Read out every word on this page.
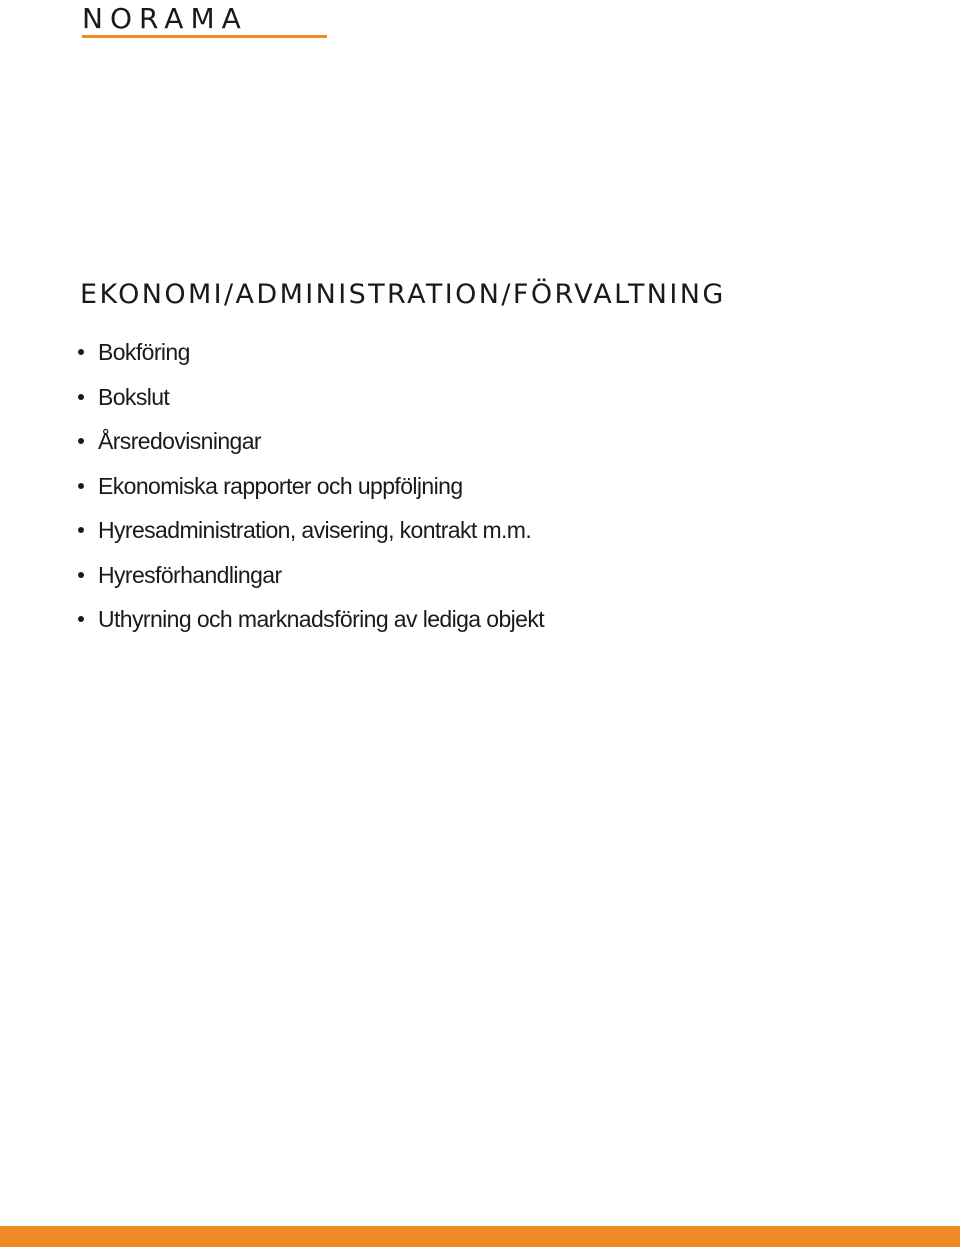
NORAMA
EKONOMI/ADMINISTRATION/FÖRVALTNING
Bokföring
Bokslut
Årsredovisningar
Ekonomiska rapporter och uppföljning
Hyresadministration, avisering, kontrakt m.m.
Hyresförhandlingar
Uthyrning och marknadsföring av lediga objekt
